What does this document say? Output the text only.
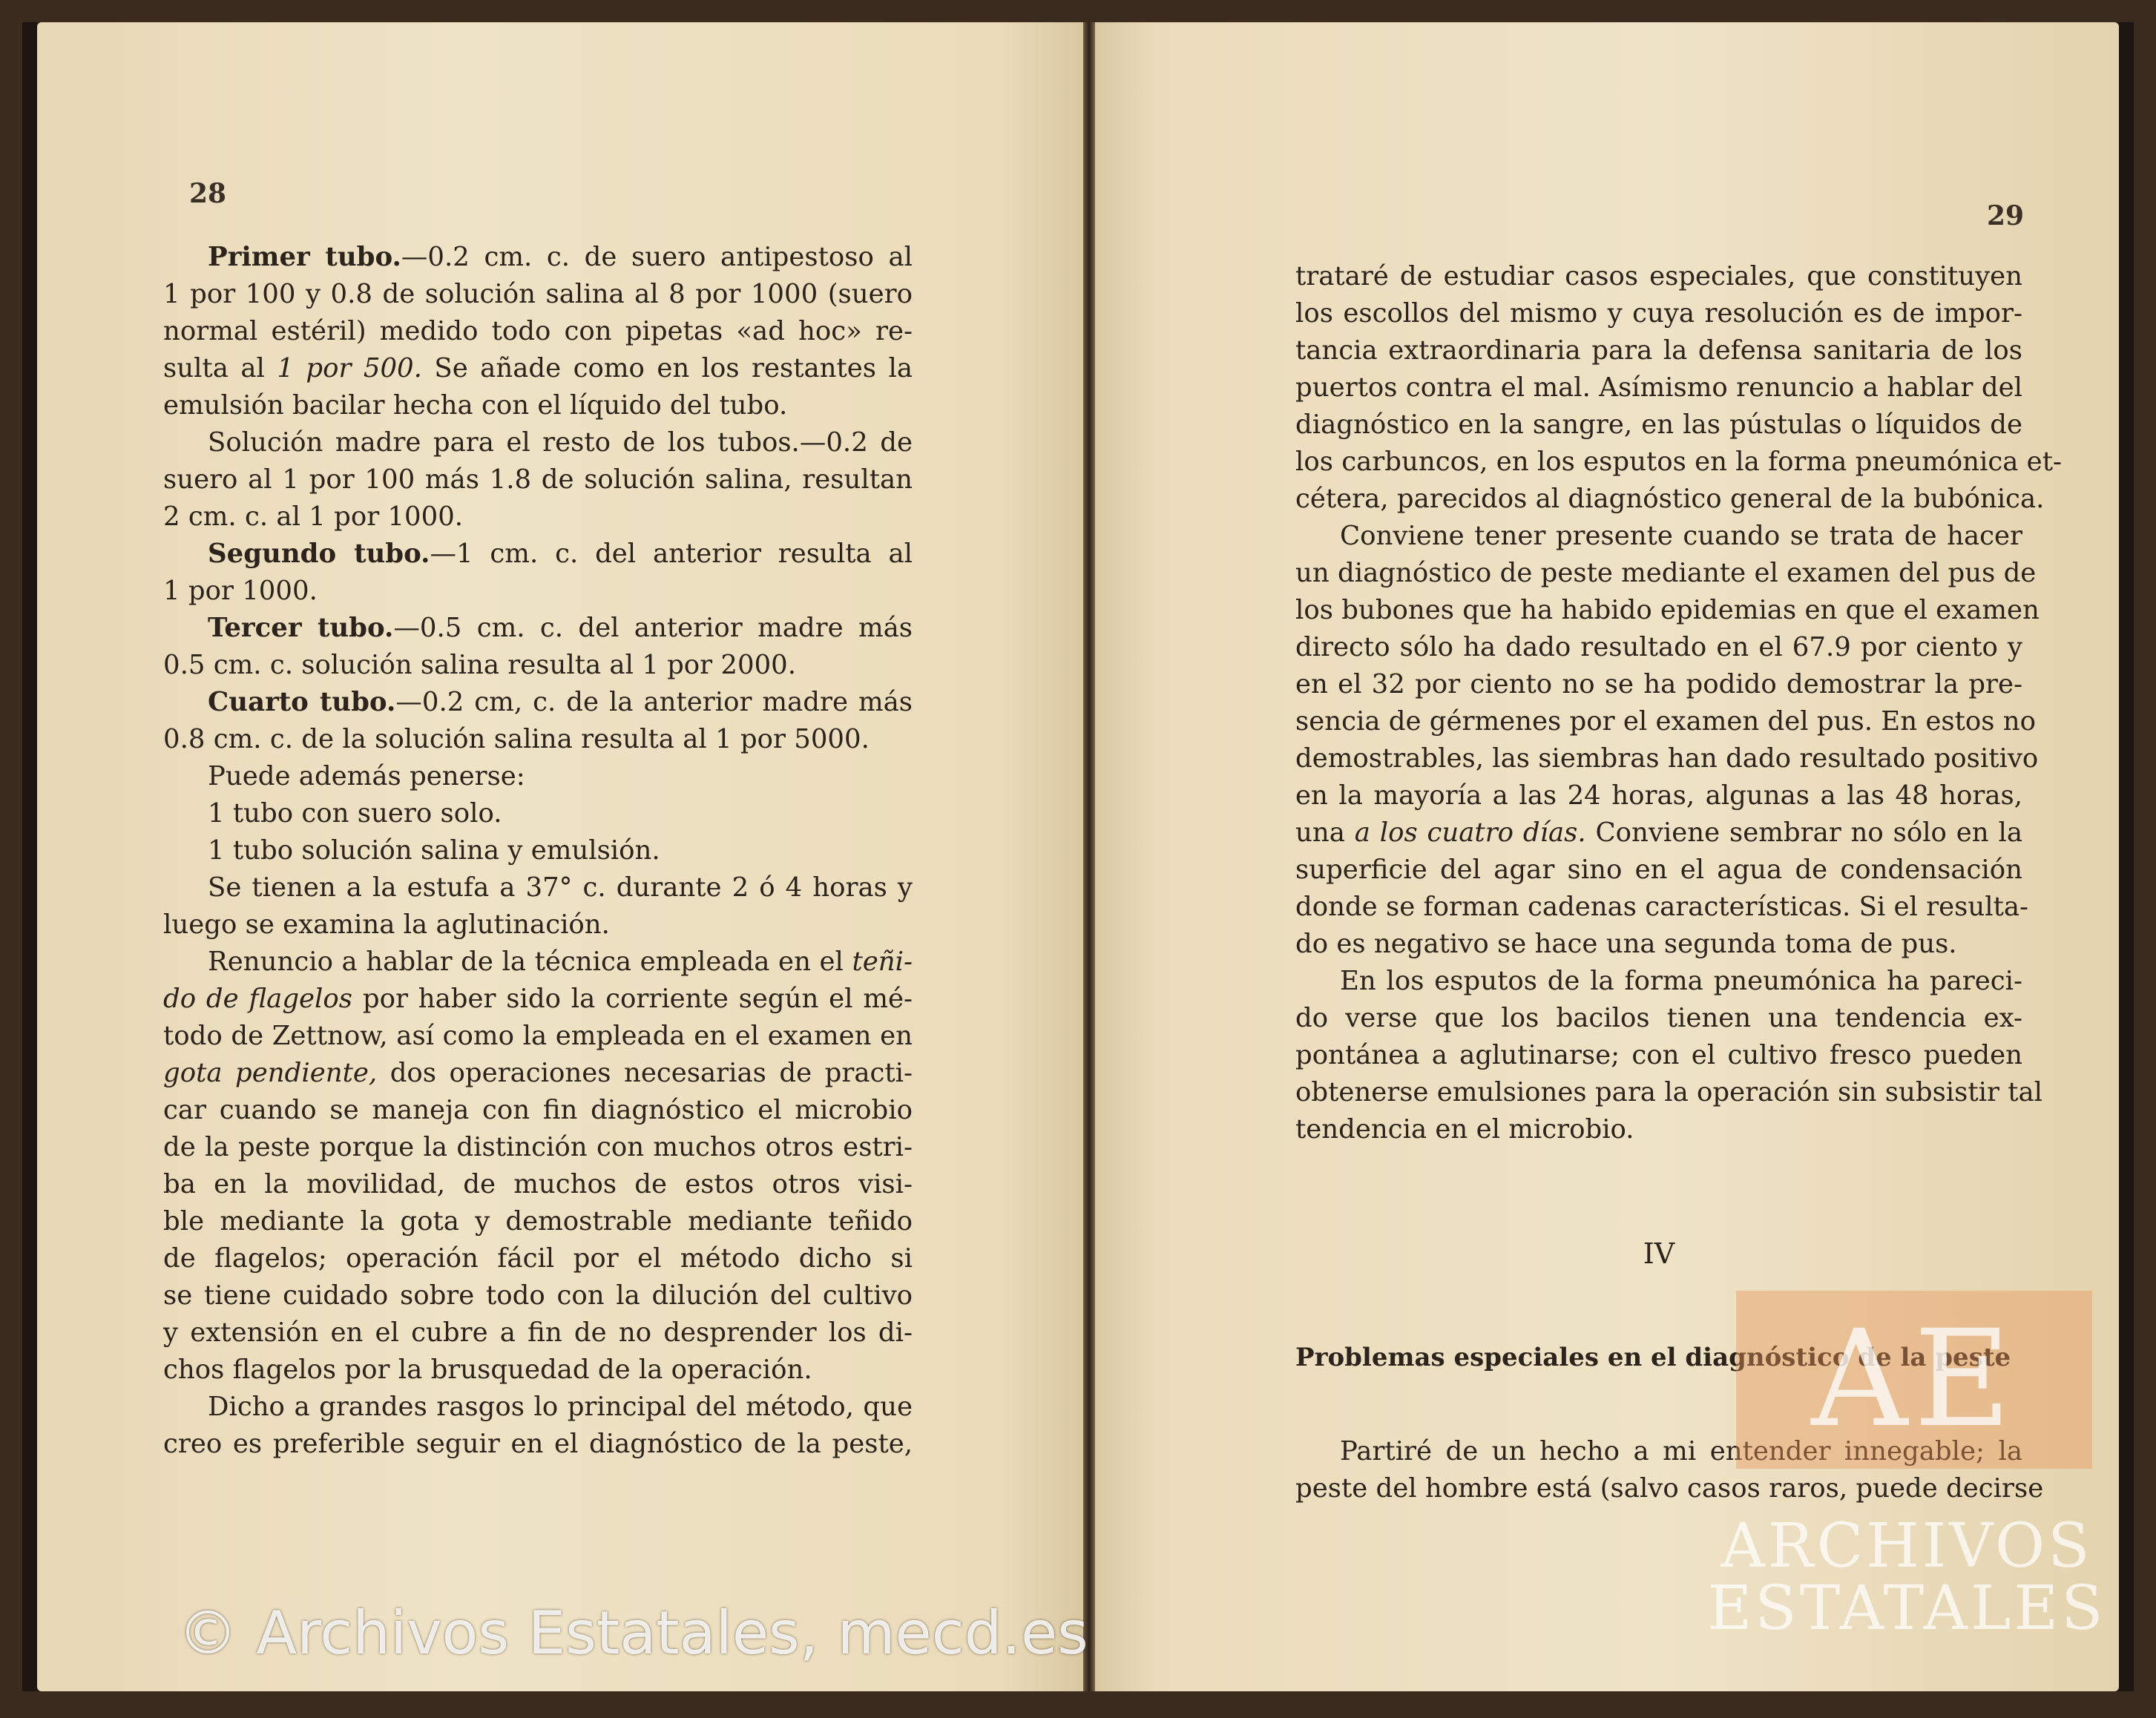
28
Primer tubo.—0.2 cm. c. de suero antipestoso al
1 por 100 y 0.8 de solución salina al 8 por 1000 (suero
normal estéril) medido todo con pipetas «ad hoc» re-
sulta al 1 por 500. Se añade como en los restantes la
emulsión bacilar hecha con el líquido del tubo.
Solución madre para el resto de los tubos.—0.2 de
suero al 1 por 100 más 1.8 de solución salina, resultan
2 cm. c. al 1 por 1000.
Segundo tubo.—1 cm. c. del anterior resulta al
1 por 1000.
Tercer tubo.—0.5 cm. c. del anterior madre más
0.5 cm. c. solución salina resulta al 1 por 2000.
Cuarto tubo.—0.2 cm, c. de la anterior madre más
0.8 cm. c. de la solución salina resulta al 1 por 5000.
Puede además penerse:
1 tubo con suero solo.
1 tubo solución salina y emulsión.
Se tienen a la estufa a 37° c. durante 2 ó 4 horas y
luego se examina la aglutinación.
Renuncio a hablar de la técnica empleada en el teñi-
do de flagelos por haber sido la corriente según el mé-
todo de Zettnow, así como la empleada en el examen en
gota pendiente, dos operaciones necesarias de practi-
car cuando se maneja con fin diagnóstico el microbio
de la peste porque la distinción con muchos otros estri-
ba en la movilidad, de muchos de estos otros visi-
ble mediante la gota y demostrable mediante teñido
de flagelos; operación fácil por el método dicho si
se tiene cuidado sobre todo con la dilución del cultivo
y extensión en el cubre a fin de no desprender los di-
chos flagelos por la brusquedad de la operación.
Dicho a grandes rasgos lo principal del método, que
creo es preferible seguir en el diagnóstico de la peste,
29
trataré de estudiar casos especiales, que constituyen
los escollos del mismo y cuya resolución es de impor-
tancia extraordinaria para la defensa sanitaria de los
puertos contra el mal. Asímismo renuncio a hablar del
diagnóstico en la sangre, en las pústulas o líquidos de
los carbuncos, en los esputos en la forma pneumónica et-
cétera, parecidos al diagnóstico general de la bubónica.
Conviene tener presente cuando se trata de hacer
un diagnóstico de peste mediante el examen del pus de
los bubones que ha habido epidemias en que el examen
directo sólo ha dado resultado en el 67.9 por ciento y
en el 32 por ciento no se ha podido demostrar la pre-
sencia de gérmenes por el examen del pus. En estos no
demostrables, las siembras han dado resultado positivo
en la mayoría a las 24 horas, algunas a las 48 horas,
una a los cuatro días. Conviene sembrar no sólo en la
superficie del agar sino en el agua de condensación
donde se forman cadenas características. Si el resulta-
do es negativo se hace una segunda toma de pus.
En los esputos de la forma pneumónica ha pareci-
do verse que los bacilos tienen una tendencia ex-
pontánea a aglutinarse; con el cultivo fresco pueden
obtenerse emulsiones para la operación sin subsistir tal
tendencia en el microbio.
IV
Problemas especiales en el diagnóstico de la peste
Partiré de un hecho a mi entender innegable; la
peste del hombre está (salvo casos raros, puede decirse
AE
ARCHIVOS
ESTATALES
© Archivos Estatales, mecd.es
